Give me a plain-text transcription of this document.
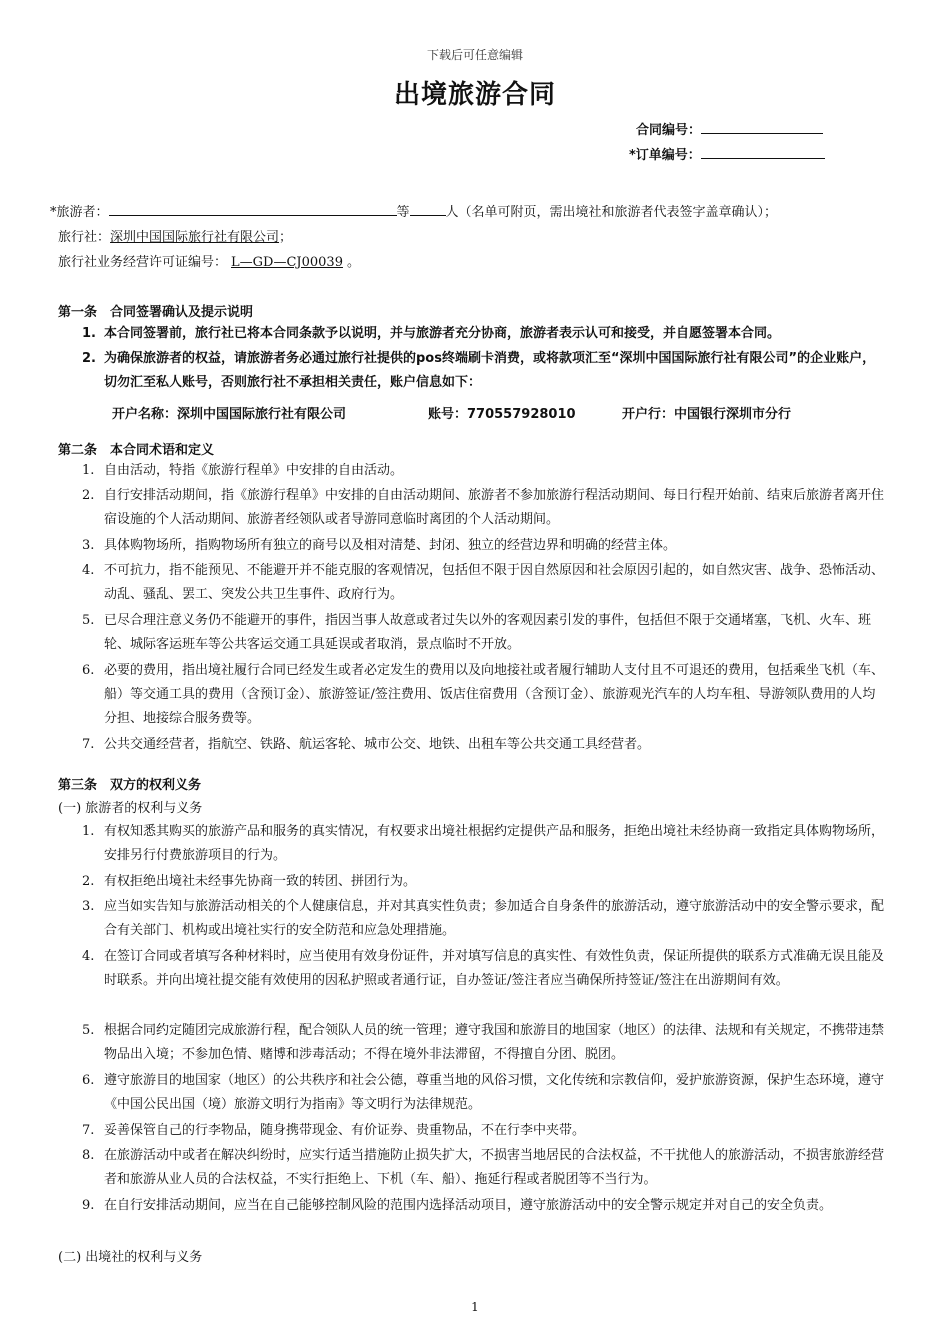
下载后可任意编辑
出境旅游合同
合同编号：
*订单编号：
*旅游者：	等	人（名单可附页，需出境社和旅游者代表签字盖章确认）；
旅行社：深圳中国国际旅行社有限公司；
旅行社业务经营许可证编号： L—GD—CJ00039 。
第一条　合同签署确认及提示说明
1. 本合同签署前，旅行社已将本合同条款予以说明，并与旅游者充分协商，旅游者表示认可和接受，并自愿签署本合同。
2. 为确保旅游者的权益，请旅游者务必通过旅行社提供的pos终端刷卡消费，或将款项汇至“深圳中国国际旅行社有限公司”的企业账户，切勿汇至私人账号，否则旅行社不承担相关责任，账户信息如下：
开户名称：深圳中国国际旅行社有限公司	账号：770557928010	开户行：中国银行深圳市分行
第二条　本合同术语和定义
1. 自由活动，特指《旅游行程单》中安排的自由活动。
2. 自行安排活动期间，指《旅游行程单》中安排的自由活动期间、旅游者不参加旅游行程活动期间、每日行程开始前、结束后旅游者离开住宿设施的个人活动期间、旅游者经领队或者导游同意临时离团的个人活动期间。
3. 具体购物场所，指购物场所有独立的商号以及相对清楚、封闭、独立的经营边界和明确的经营主体。
4. 不可抗力，指不能预见、不能避开并不能克服的客观情况，包括但不限于因自然原因和社会原因引起的，如自然灾害、战争、恐怖活动、动乱、骚乱、罢工、突发公共卫生事件、政府行为。
5. 已尽合理注意义务仍不能避开的事件，指因当事人故意或者过失以外的客观因素引发的事件，包括但不限于交通堵塞，飞机、火车、班轮、城际客运班车等公共客运交通工具延误或者取消，景点临时不开放。
6. 必要的费用，指出境社履行合同已经发生或者必定发生的费用以及向地接社或者履行辅助人支付且不可退还的费用，包括乘坐飞机（车、船）等交通工具的费用（含预订金）、旅游签证/签注费用、饭店住宿费用（含预订金）、旅游观光汽车的人均车租、导游领队费用的人均分担、地接综合服务费等。
7. 公共交通经营者，指航空、铁路、航运客轮、城市公交、地铁、出租车等公共交通工具经营者。
第三条　双方的权利义务
(一) 旅游者的权利与义务
1. 有权知悉其购买的旅游产品和服务的真实情况，有权要求出境社根据约定提供产品和服务，拒绝出境社未经协商一致指定具体购物场所，安排另行付费旅游项目的行为。
2. 有权拒绝出境社未经事先协商一致的转团、拼团行为。
3. 应当如实告知与旅游活动相关的个人健康信息，并对其真实性负责；参加适合自身条件的旅游活动，遵守旅游活动中的安全警示要求，配合有关部门、机构或出境社实行的安全防范和应急处理措施。
4. 在签订合同或者填写各种材料时，应当使用有效身份证件，并对填写信息的真实性、有效性负责，保证所提供的联系方式准确无误且能及时联系。并向出境社提交能有效使用的因私护照或者通行证，自办签证/签注者应当确保所持签证/签注在出游期间有效。
5. 根据合同约定随团完成旅游行程，配合领队人员的统一管理；遵守我国和旅游目的地国家（地区）的法律、法规和有关规定，不携带违禁物品出入境；不参加色情、赌博和涉毒活动；不得在境外非法滞留，不得擅自分团、脱团。
6. 遵守旅游目的地国家（地区）的公共秩序和社会公德，尊重当地的风俗习惯，文化传统和宗教信仰，爱护旅游资源，保护生态环境，遵守《中国公民出国（境）旅游文明行为指南》等文明行为法律规范。
7. 妥善保管自己的行李物品，随身携带现金、有价证券、贵重物品，不在行李中夹带。
8. 在旅游活动中或者在解决纠纷时，应实行适当措施防止损失扩大，不损害当地居民的合法权益，不干扰他人的旅游活动，不损害旅游经营者和旅游从业人员的合法权益，不实行拒绝上、下机（车、船）、拖延行程或者脱团等不当行为。
9. 在自行安排活动期间，应当在自己能够控制风险的范围内选择活动项目，遵守旅游活动中的安全警示规定并对自己的安全负责。
(二) 出境社的权利与义务
1
